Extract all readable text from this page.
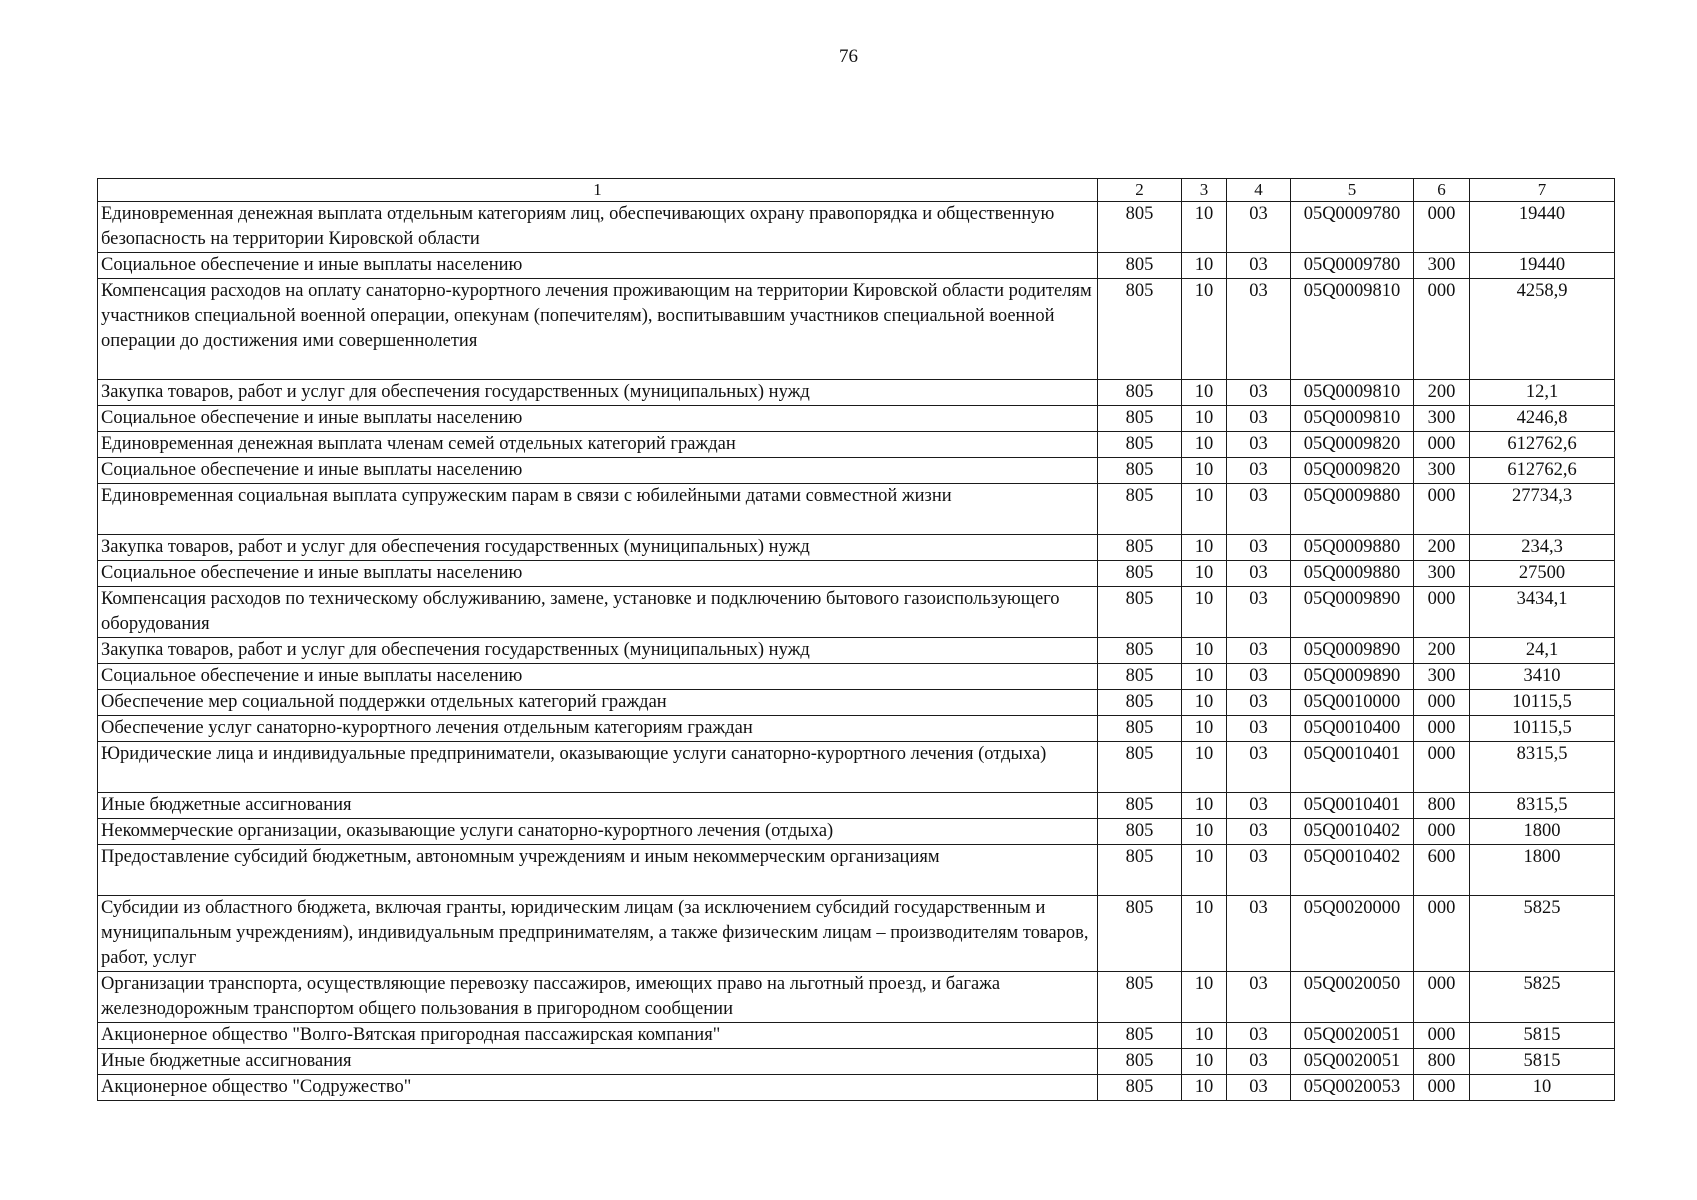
76
1	2	3	4	5	6	7
Единовременная денежная выплата отдельным категориям лиц, обеспечивающих охрану правопорядка и общественную безопасность на территории Кировской области	805	10	03	05Q0009780	000	19440
Социальное обеспечение и иные выплаты населению	805	10	03	05Q0009780	300	19440
Компенсация расходов на оплату санаторно-курортного лечения проживающим на территории Кировской области родителям участников специальной военной операции, опекунам (попечителям), воспитывавшим участников специальной военной операции до достижения ими совершеннолетия	805	10	03	05Q0009810	000	4258,9
Закупка товаров, работ и услуг для обеспечения государственных (муниципальных) нужд	805	10	03	05Q0009810	200	12,1
Социальное обеспечение и иные выплаты населению	805	10	03	05Q0009810	300	4246,8
Единовременная денежная выплата членам семей отдельных категорий граждан	805	10	03	05Q0009820	000	612762,6
Социальное обеспечение и иные выплаты населению	805	10	03	05Q0009820	300	612762,6
Единовременная социальная выплата супружеским парам в связи с юбилейными датами совместной жизни	805	10	03	05Q0009880	000	27734,3
Закупка товаров, работ и услуг для обеспечения государственных (муниципальных) нужд	805	10	03	05Q0009880	200	234,3
Социальное обеспечение и иные выплаты населению	805	10	03	05Q0009880	300	27500
Компенсация расходов по техническому обслуживанию, замене, установке и подключению бытового газоиспользующего оборудования	805	10	03	05Q0009890	000	3434,1
Закупка товаров, работ и услуг для обеспечения государственных (муниципальных) нужд	805	10	03	05Q0009890	200	24,1
Социальное обеспечение и иные выплаты населению	805	10	03	05Q0009890	300	3410
Обеспечение мер социальной поддержки отдельных категорий граждан	805	10	03	05Q0010000	000	10115,5
Обеспечение услуг санаторно-курортного лечения отдельным категориям граждан	805	10	03	05Q0010400	000	10115,5
Юридические лица и индивидуальные предприниматели, оказывающие услуги санаторно-курортного лечения (отдыха)	805	10	03	05Q0010401	000	8315,5
Иные бюджетные ассигнования	805	10	03	05Q0010401	800	8315,5
Некоммерческие организации, оказывающие услуги санаторно-курортного лечения (отдыха)	805	10	03	05Q0010402	000	1800
Предоставление субсидий бюджетным, автономным учреждениям и иным некоммерческим организациям	805	10	03	05Q0010402	600	1800
Субсидии из областного бюджета, включая гранты, юридическим лицам (за исключением субсидий государственным и муниципальным учреждениям), индивидуальным предпринимателям, а также физическим лицам – производителям товаров, работ, услуг	805	10	03	05Q0020000	000	5825
Организации транспорта, осуществляющие перевозку пассажиров, имеющих право на льготный проезд, и багажа железнодорожным транспортом общего пользования в пригородном сообщении	805	10	03	05Q0020050	000	5825
Акционерное общество "Волго-Вятская пригородная пассажирская компания"	805	10	03	05Q0020051	000	5815
Иные бюджетные ассигнования	805	10	03	05Q0020051	800	5815
Акционерное общество "Содружество"	805	10	03	05Q0020053	000	10
